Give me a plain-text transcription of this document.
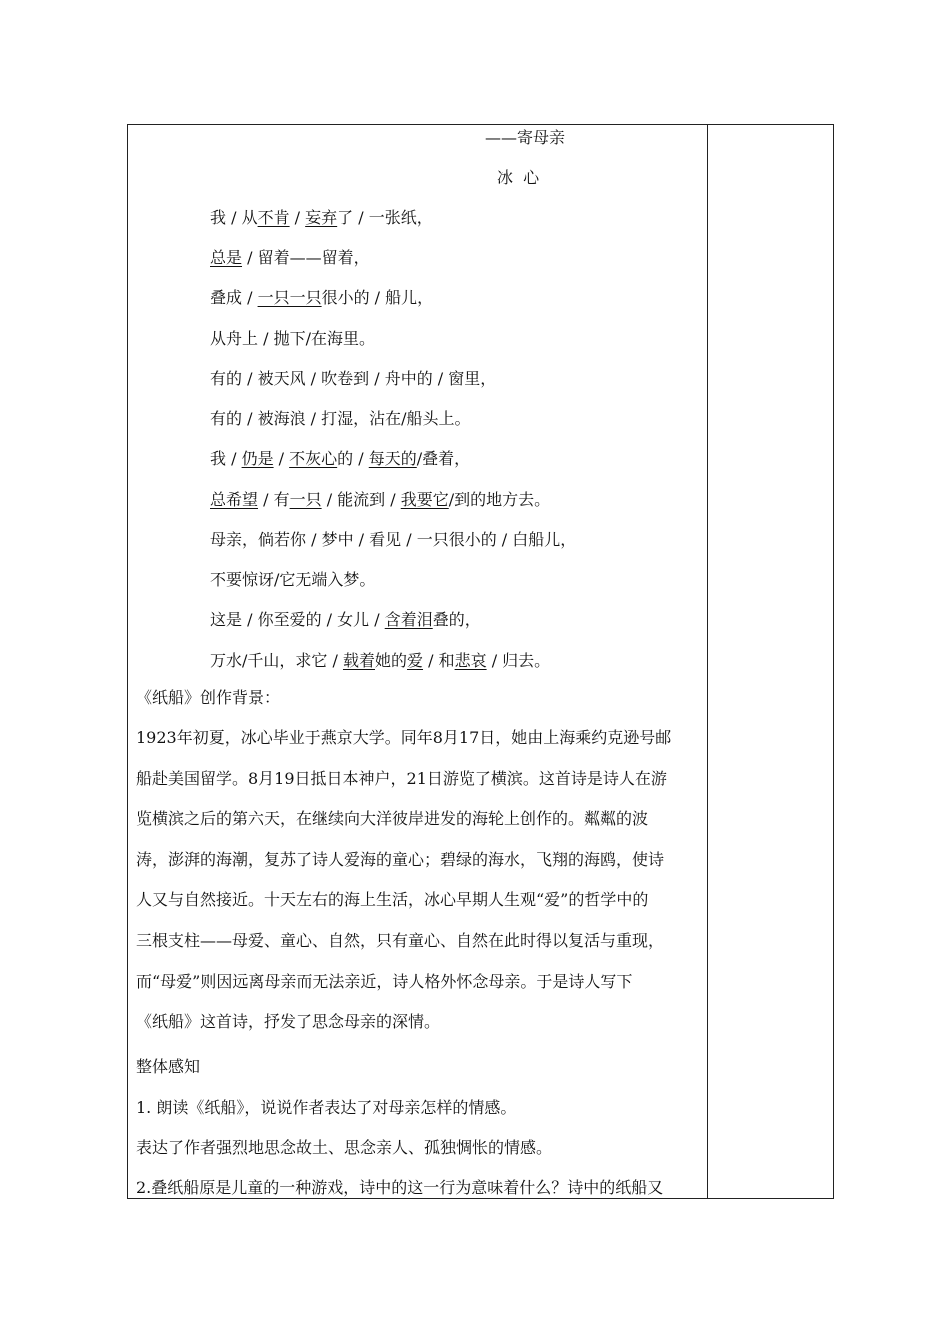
——寄母亲
冰  心
我 / 从不肯 / 妄弃了 / 一张纸，
总是 / 留着——留着，
叠成 / 一只一只很小的 / 船儿，
从舟上 / 抛下/在海里。
有的 / 被天风 / 吹卷到 / 舟中的 / 窗里，
有的 / 被海浪 / 打湿，沾在/船头上。
我 / 仍是 / 不灰心的 / 每天的/叠着，
总希望 / 有一只 / 能流到 / 我要它/到的地方去。
母亲，倘若你 / 梦中 / 看见 / 一只很小的 / 白船儿，
不要惊讶/它无端入梦。
这是 / 你至爱的 / 女儿 / 含着泪叠的，
万水/千山，求它 / 载着她的爱 / 和悲哀 / 归去。
《纸船》创作背景：
1923年初夏，冰心毕业于燕京大学。同年8月17日，她由上海乘约克逊号邮
船赴美国留学。8月19日抵日本神户，21日游览了横滨。这首诗是诗人在游
览横滨之后的第六天，在继续向大洋彼岸进发的海轮上创作的。粼粼的波
涛，澎湃的海潮，复苏了诗人爱海的童心；碧绿的海水，飞翔的海鸥，使诗
人又与自然接近。十天左右的海上生活，冰心早期人生观“爱”的哲学中的
三根支柱——母爱、童心、自然，只有童心、自然在此时得以复活与重现，
而“母爱”则因远离母亲而无法亲近，诗人格外怀念母亲。于是诗人写下
《纸船》这首诗，抒发了思念母亲的深情。
整体感知
1. 朗读《纸船》，说说作者表达了对母亲怎样的情感。
表达了作者强烈地思念故土、思念亲人、孤独惆怅的情感。
2.叠纸船原是儿童的一种游戏，诗中的这一行为意味着什么？诗中的纸船又
